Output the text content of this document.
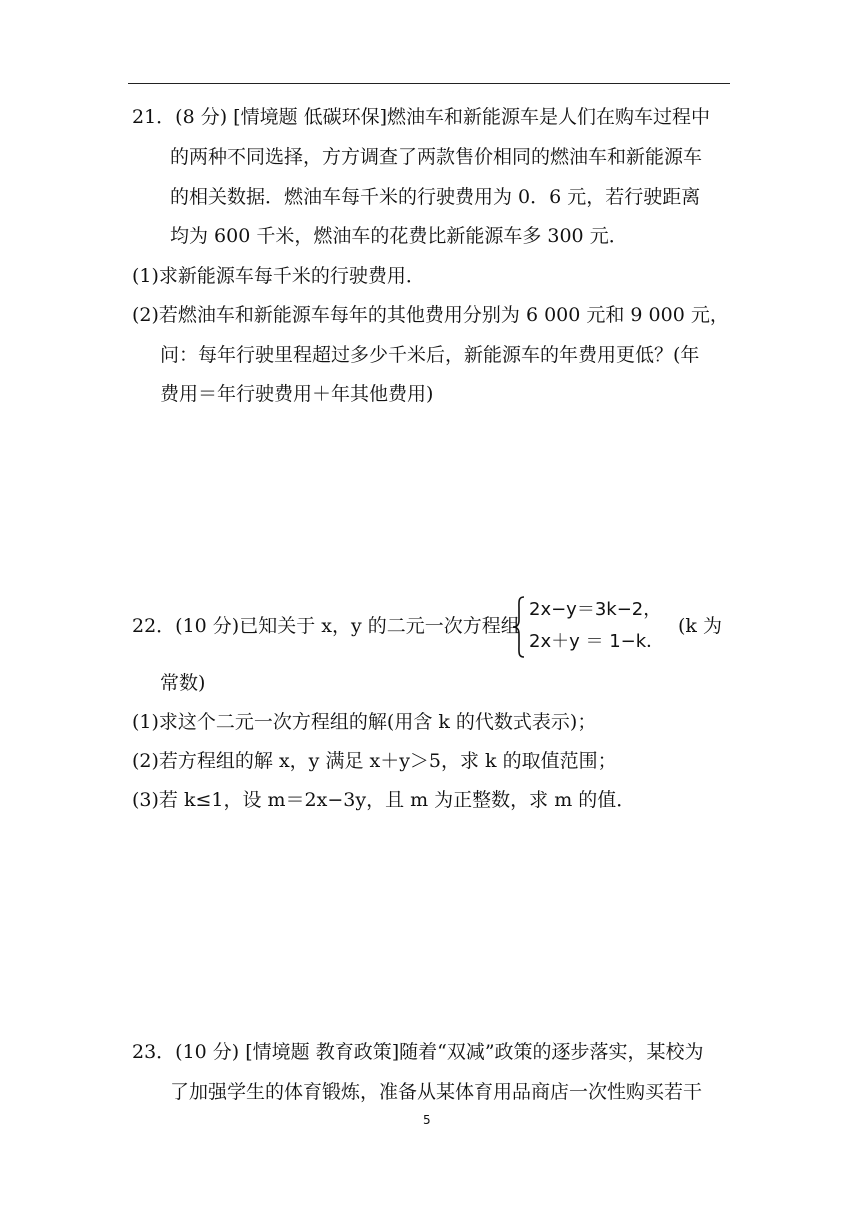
21．(8 分) [情境题 低碳环保]燃油车和新能源车是人们在购车过程中
的两种不同选择，方方调查了两款售价相同的燃油车和新能源车
的相关数据．燃油车每千米的行驶费用为 0．6 元，若行驶距离
均为 600 千米，燃油车的花费比新能源车多 300 元．
(1)求新能源车每千米的行驶费用．
(2)若燃油车和新能源车每年的其他费用分别为 6 000 元和 9 000 元，
问：每年行驶里程超过多少千米后，新能源车的年费用更低？(年
费用＝年行驶费用＋年其他费用)
22．(10 分)已知关于 x，y 的二元一次方程组
2x−y＝3k−2，
2x＋y ＝ 1−k．
(k 为
常数)
(1)求这个二元一次方程组的解(用含 k 的代数式表示)；
(2)若方程组的解 x，y 满足 x＋y＞5，求 k 的取值范围；
(3)若 k≤1，设 m＝2x−3y，且 m 为正整数，求 m 的值．
23．(10 分) [情境题 教育政策]随着“双减”政策的逐步落实，某校为
了加强学生的体育锻炼，准备从某体育用品商店一次性购买若干
5
